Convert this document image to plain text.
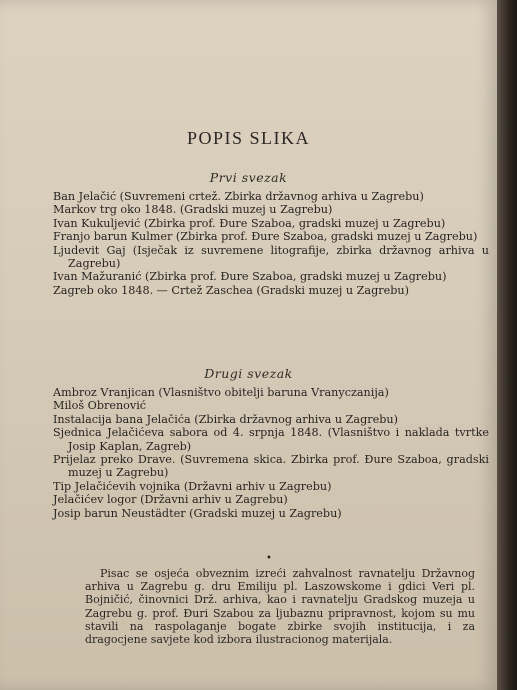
POPIS SLIKA
Prvi svezak

Ban Jelačić (Suvremeni crtež. Zbirka državnog arhiva u Zagrebu)

Markov trg oko 1848. (Gradski muzej u Zagrebu)

Ivan Kukuljević (Zbirka prof. Đure Szaboa, gradski muzej u Zagrebu)

Franjo barun Kulmer (Zbirka prof. Đure Szaboa, gradski muzej u Zagrebu)

Ljudevit Gaj (Isječak iz suvremene litografije, zbirka državnog arhiva u Zagrebu)

Ivan Mažuranić (Zbirka prof. Đure Szaboa, gradski muzej u Zagrebu)

Zagreb oko 1848. — Crtež Zaschea (Gradski muzej u Zagrebu)

Drugi svezak

Ambroz Vranjican (Vlasništvo obitelji baruna Vranyczanija)

Miloš Obrenović

Instalacija bana Jelačića (Zbirka državnog arhiva u Zagrebu)

Sjednica Jelačićeva sabora od 4. srpnja 1848. (Vlasništvo i naklada tvrtke Josip Kaplan, Zagreb)

Prijelaz preko Drave. (Suvremena skica. Zbirka prof. Đure Szaboa, gradski muzej u Zagrebu)

Tip Jelačićevih vojnika (Državni arhiv u Zagrebu)

Jelačićev logor (Državni arhiv u Zagrebu)

Josip barun Neustädter (Gradski muzej u Zagrebu)

•

Pisac se osjeća obveznim izreći zahvalnost ravnatelju Državnog arhiva u Zagrebu g. dru Emiliju pl. Laszowskome i gdici Veri pl. Bojničić, činovnici Drž. arhiva, kao i ravnatelju Gradskog muzeja u Zagrebu g. prof. Đuri Szabou za ljubaznu pripravnost, kojom su mu stavili na raspolaganje bogate zbirke svojih institucija, i za dragocjene savjete kod izbora ilustracionog materijala.
